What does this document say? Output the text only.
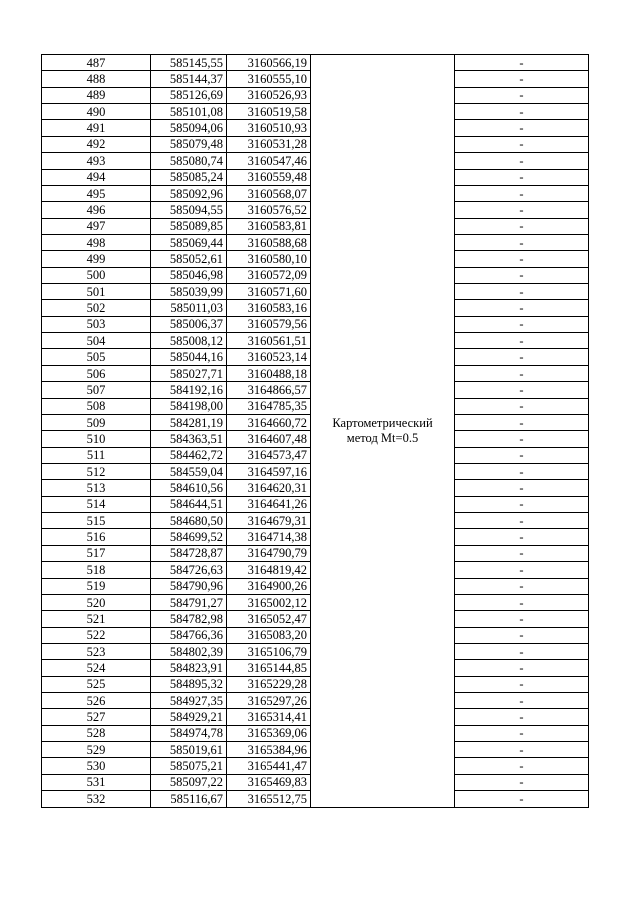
487	585145,55	3160566,19	Картометрический метод Mt=0.5	-
488	585144,37	3160555,10		-
489	585126,69	3160526,93		-
490	585101,08	3160519,58		-
491	585094,06	3160510,93		-
492	585079,48	3160531,28		-
493	585080,74	3160547,46		-
494	585085,24	3160559,48		-
495	585092,96	3160568,07		-
496	585094,55	3160576,52		-
497	585089,85	3160583,81		-
498	585069,44	3160588,68		-
499	585052,61	3160580,10		-
500	585046,98	3160572,09		-
501	585039,99	3160571,60		-
502	585011,03	3160583,16		-
503	585006,37	3160579,56		-
504	585008,12	3160561,51		-
505	585044,16	3160523,14		-
506	585027,71	3160488,18		-
507	584192,16	3164866,57		-
508	584198,00	3164785,35		-
509	584281,19	3164660,72		-
510	584363,51	3164607,48		-
511	584462,72	3164573,47		-
512	584559,04	3164597,16		-
513	584610,56	3164620,31		-
514	584644,51	3164641,26		-
515	584680,50	3164679,31		-
516	584699,52	3164714,38		-
517	584728,87	3164790,79		-
518	584726,63	3164819,42		-
519	584790,96	3164900,26		-
520	584791,27	3165002,12		-
521	584782,98	3165052,47		-
522	584766,36	3165083,20		-
523	584802,39	3165106,79		-
524	584823,91	3165144,85		-
525	584895,32	3165229,28		-
526	584927,35	3165297,26		-
527	584929,21	3165314,41		-
528	584974,78	3165369,06		-
529	585019,61	3165384,96		-
530	585075,21	3165441,47		-
531	585097,22	3165469,83		-
532	585116,67	3165512,75		-
